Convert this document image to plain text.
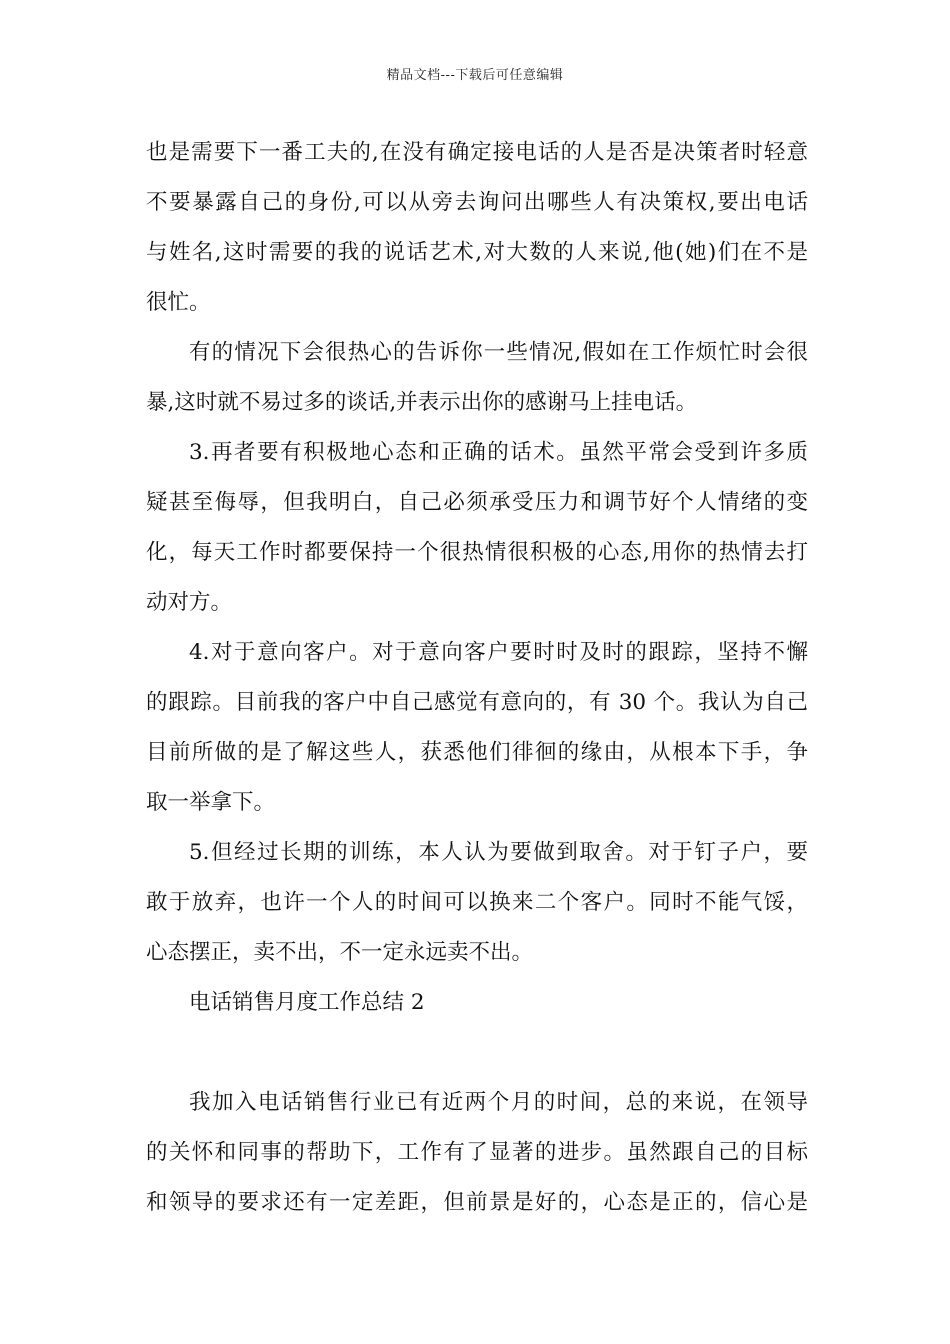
精品文档---下载后可任意编辑
也是需要下一番工夫的,在没有确定接电话的人是否是决策者时轻意
不要暴露自己的身份,可以从旁去询问出哪些人有决策权,要出电话
与姓名,这时需要的我的说话艺术,对大数的人来说,他(她)们在不是
很忙。
有的情况下会很热心的告诉你一些情况,假如在工作烦忙时会很
暴,这时就不易过多的谈话,并表示出你的感谢马上挂电话。
3.再者要有积极地心态和正确的话术。虽然平常会受到许多质
疑甚至侮辱，但我明白，自己必须承受压力和调节好个人情绪的变
化，每天工作时都要保持一个很热情很积极的心态,用你的热情去打
动对方。
4.对于意向客户。对于意向客户要时时及时的跟踪，坚持不懈
的跟踪。目前我的客户中自己感觉有意向的，有 30 个。我认为自己
目前所做的是了解这些人，获悉他们徘徊的缘由，从根本下手，争
取一举拿下。
5.但经过长期的训练，本人认为要做到取舍。对于钉子户，要
敢于放弃，也许一个人的时间可以换来二个客户。同时不能气馁，
心态摆正，卖不出，不一定永远卖不出。
电话销售月度工作总结 2
我加入电话销售行业已有近两个月的时间，总的来说，在领导
的关怀和同事的帮助下，工作有了显著的进步。虽然跟自己的目标
和领导的要求还有一定差距，但前景是好的，心态是正的，信心是
